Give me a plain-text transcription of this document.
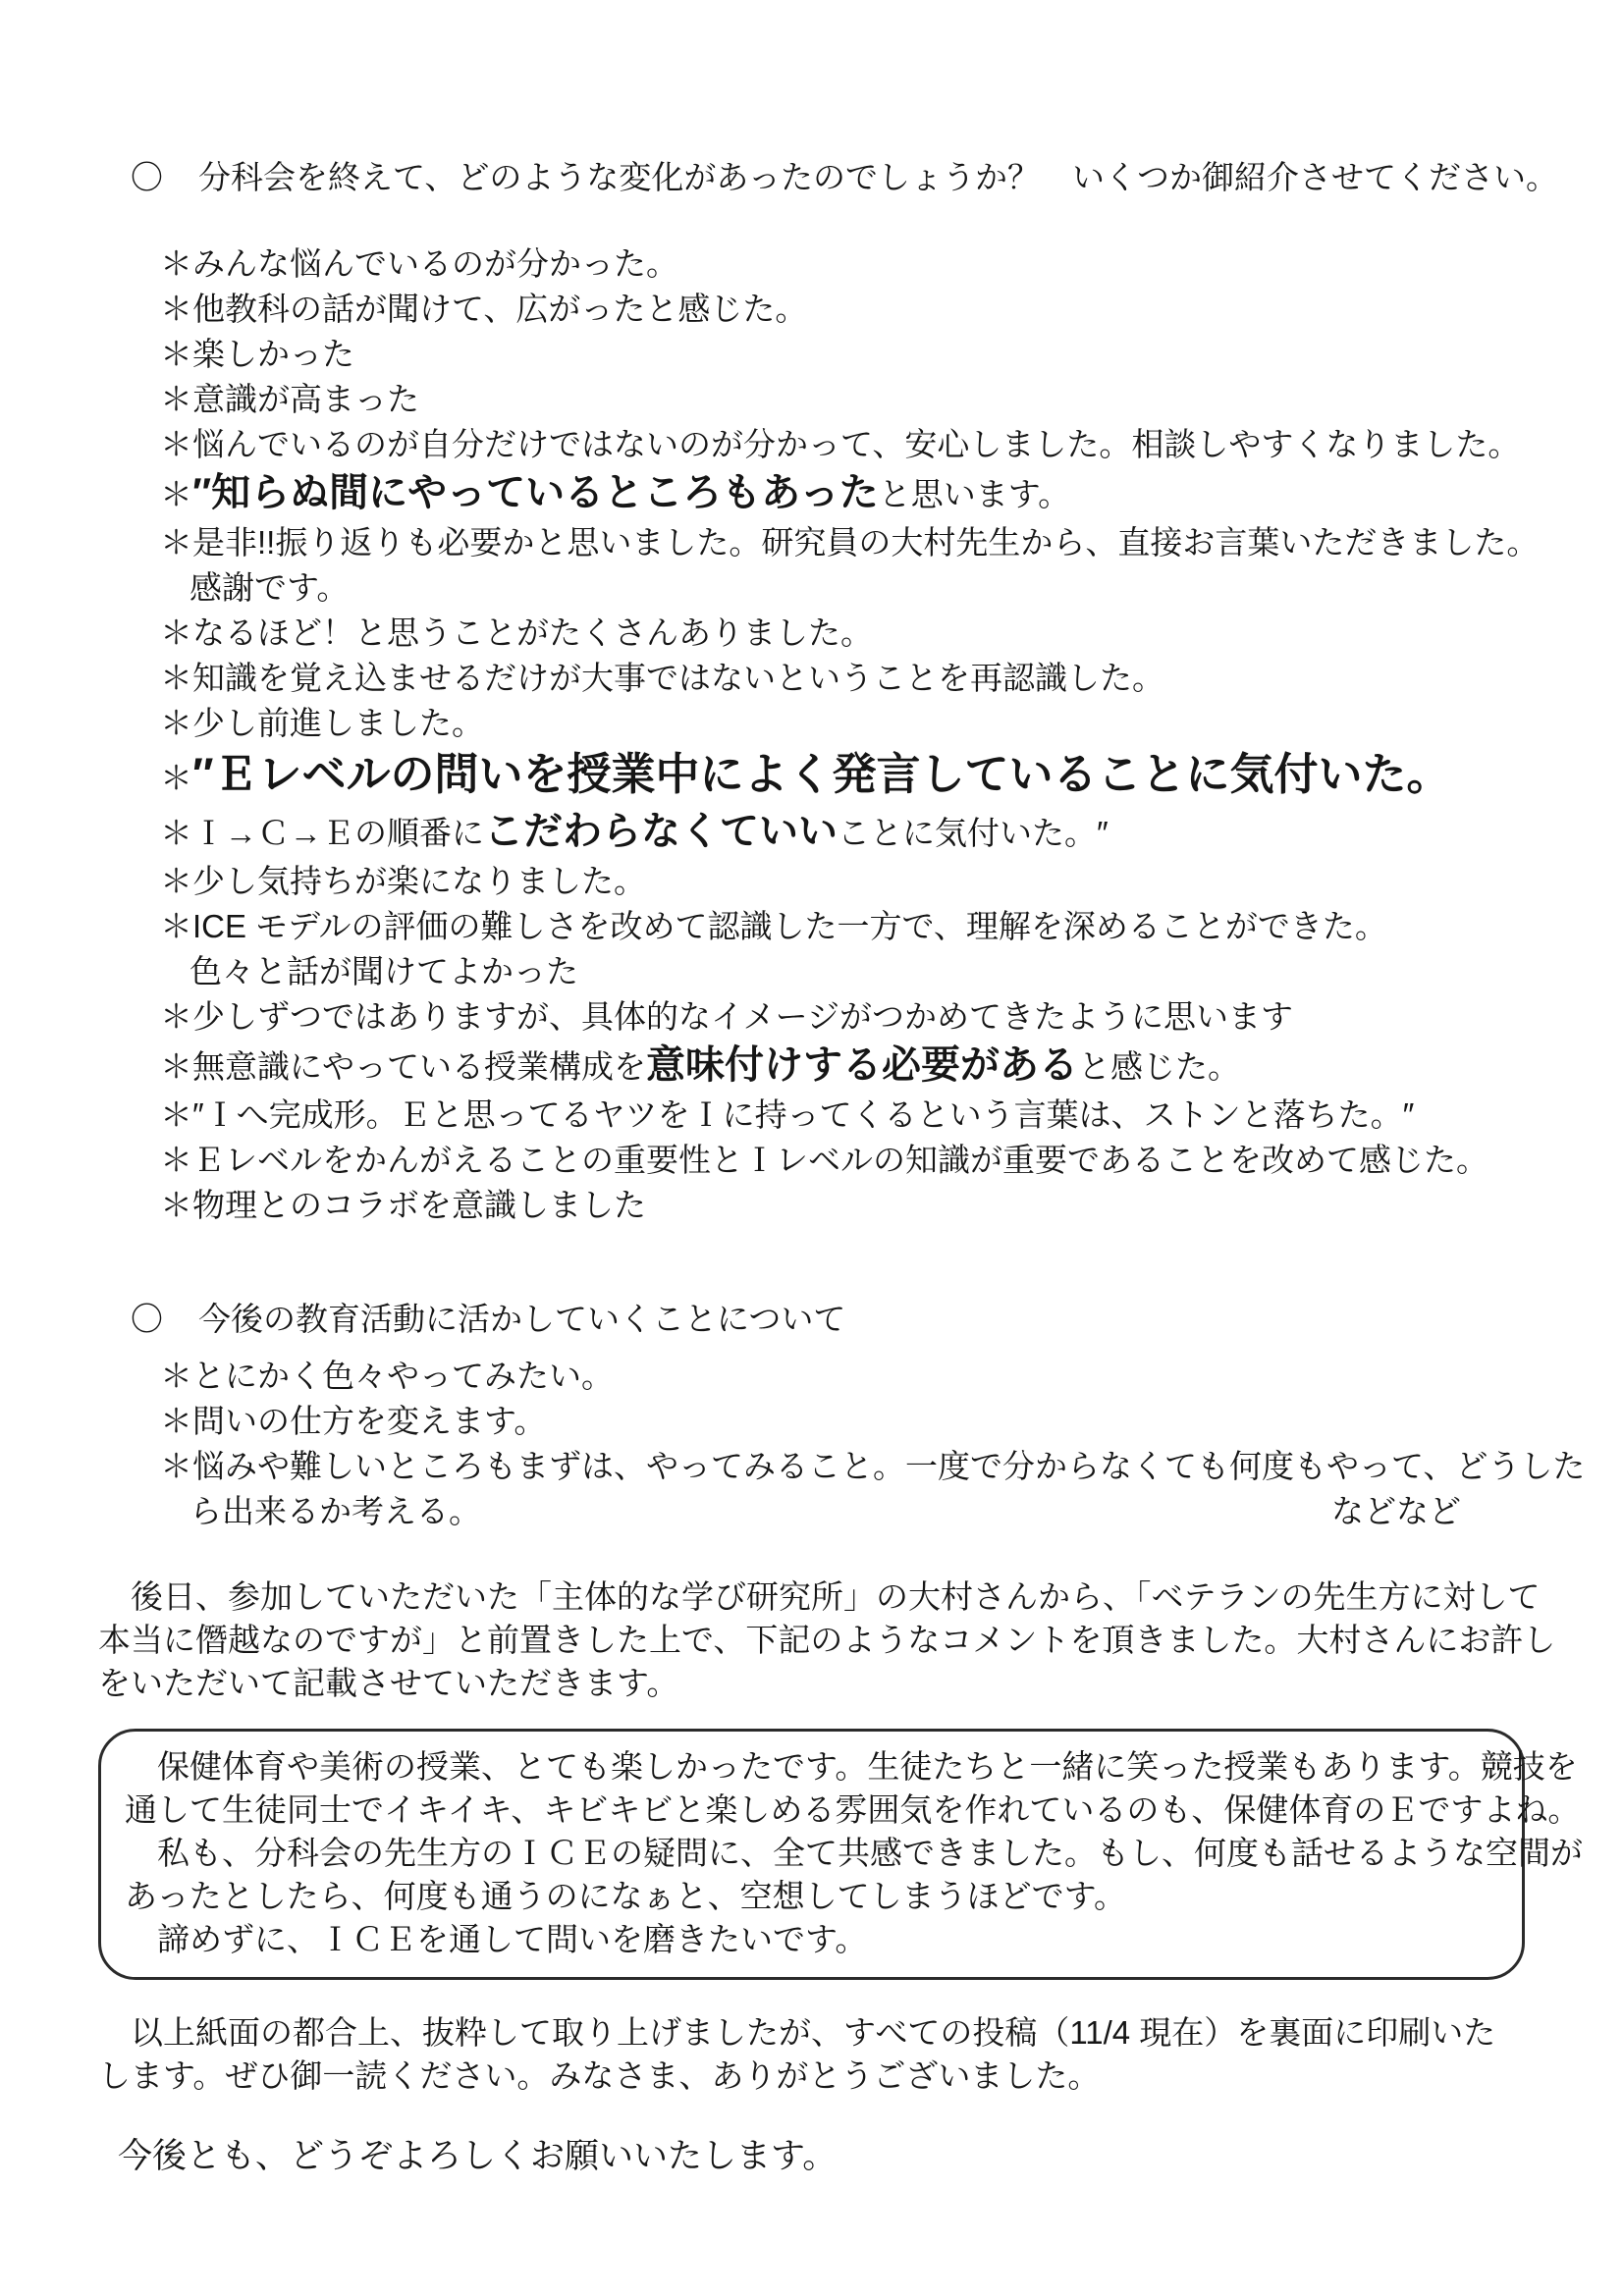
〇 分科会を終えて、どのような変化があったのでしょうか？　いくつか御紹介させてください。
＊みんな悩んでいるのが分かった。
＊他教科の話が聞けて、広がったと感じた。
＊楽しかった
＊意識が高まった
＊悩んでいるのが自分だけではないのが分かって、安心しました。相談しやすくなりました。
＊″知らぬ間にやっているところもあったと思います。
＊是非!!振り返りも必要かと思いました。研究員の大村先生から、直接お言葉いただきました。
感謝です。
＊なるほど！と思うことがたくさんありました。
＊知識を覚え込ませるだけが大事ではないということを再認識した。
＊少し前進しました。
＊″Ｅレベルの問いを授業中によく発言していることに気付いた。
＊Ｉ→Ｃ→Ｅの順番にこだわらなくていいことに気付いた。″
＊少し気持ちが楽になりました。
＊ICE モデルの評価の難しさを改めて認識した一方で、理解を深めることができた。
色々と話が聞けてよかった
＊少しずつではありますが、具体的なイメージがつかめてきたように思います
＊無意識にやっている授業構成を意味付けする必要があると感じた。
＊″Ｉへ完成形。Ｅと思ってるヤツをＩに持ってくるという言葉は、ストンと落ちた。″
＊Ｅレベルをかんがえることの重要性とＩレベルの知識が重要であることを改めて感じた。
＊物理とのコラボを意識しました
〇 今後の教育活動に活かしていくことについて
＊とにかく色々やってみたい。
＊問いの仕方を変えます。
＊悩みや難しいところもまずは、やってみること。一度で分からなくても何度もやって、どうした
ら出来るか考える。	などなど
後日、参加していただいた「主体的な学び研究所」の大村さんから、「ベテランの先生方に対して
本当に僭越なのですが」と前置きした上で、下記のようなコメントを頂きました。大村さんにお許し
をいただいて記載させていただきます。
保健体育や美術の授業、とても楽しかったです。生徒たちと一緒に笑った授業もあります。競技を
通して生徒同士でイキイキ、キビキビと楽しめる雰囲気を作れているのも、保健体育のＥですよね。
私も、分科会の先生方のＩＣＥの疑問に、全て共感できました。もし、何度も話せるような空間が
あったとしたら、何度も通うのになぁと、空想してしまうほどです。
諦めずに、ＩＣＥを通して問いを磨きたいです。
以上紙面の都合上、抜粋して取り上げましたが、すべての投稿（11/4 現在）を裏面に印刷いた
します。ぜひ御一読ください。みなさま、ありがとうございました。
今後とも、どうぞよろしくお願いいたします。
